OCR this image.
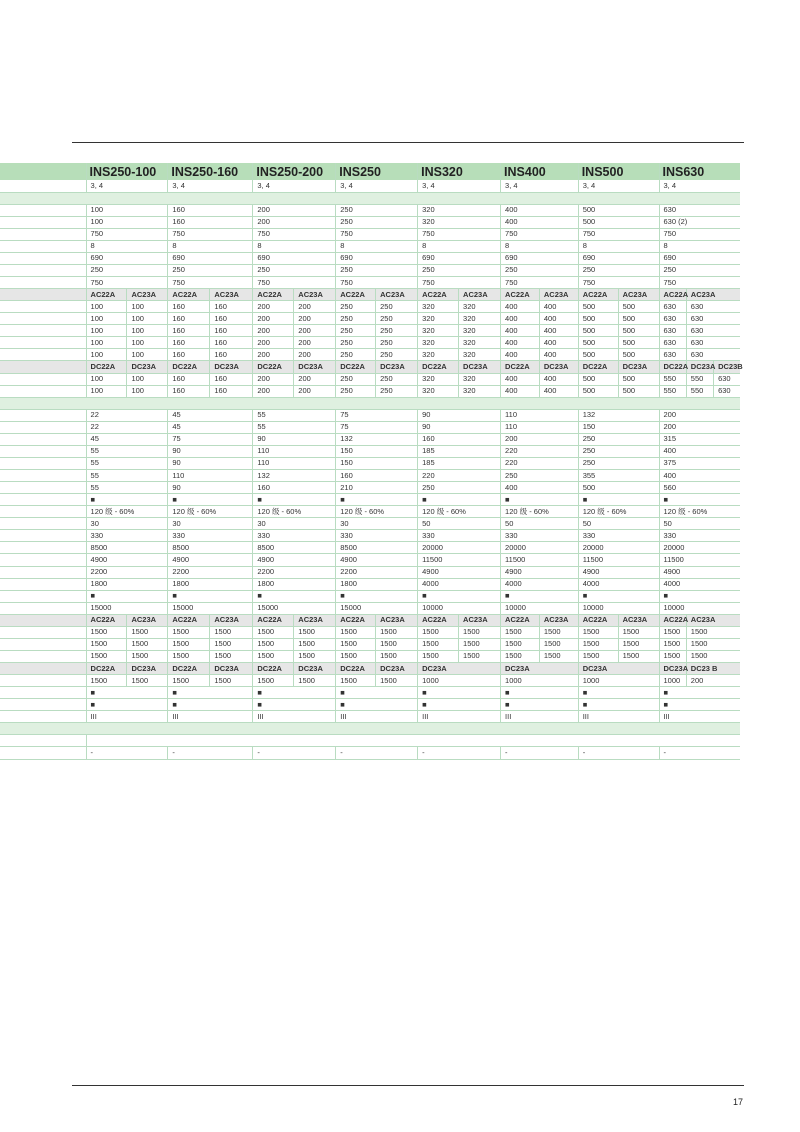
	INS250-100		INS250-160		INS250-200		INS250		INS320		INS400		INS500		INS630		
	3, 4		3, 4		3, 4		3, 4		3, 4		3, 4		3, 4		3, 4		

	100		160		200		250		320		400		500		630		
	100		160		200		250		320		400		500		630 (2)		
	750		750		750		750		750		750		750		750		
	8		8		8		8		8		8		8		8		
	690		690		690		690		690		690		690		690		
	250		250		250		250		250		250		250		250		
	750		750		750		750		750		750		750		750		
	AC22A	AC23A	AC22A	AC23A	AC22A	AC23A	AC22A	AC23A	AC22A	AC23A	AC22A	AC23A	AC22A	AC23A	AC22A	AC23A	
	100	100	160	160	200	200	250	250	320	320	400	400	500	500	630	630	
	100	100	160	160	200	200	250	250	320	320	400	400	500	500	630	630	
	100	100	160	160	200	200	250	250	320	320	400	400	500	500	630	630	
	100	100	160	160	200	200	250	250	320	320	400	400	500	500	630	630	
	100	100	160	160	200	200	250	250	320	320	400	400	500	500	630	630	
	DC22A	DC23A	DC22A	DC23A	DC22A	DC23A	DC22A	DC23A	DC22A	DC23A	DC22A	DC23A	DC22A	DC23A	DC22A	DC23A	DC23B
	100	100	160	160	200	200	250	250	320	320	400	400	500	500	550	550	630
	100	100	160	160	200	200	250	250	320	320	400	400	500	500	550	550	630

	22		45		55		75		90		110		132		200		
	22		45		55		75		90		110		150		200		
	45		75		90		132		160		200		250		315		
	55		90		110		150		185		220		250		400		
	55		90		110		150		185		220		250		375		
	55		110		132		160		220		250		355		400		
	55		90		160		210		250		400		500		560		
	■		■		■		■		■		■		■		■		
	120 级 - 60%		120 级 - 60%		120 级 - 60%		120 级 - 60%		120 级 - 60%		120 级 - 60%		120 级 - 60%		120 级 - 60%		
	30		30		30		30		50		50		50		50		
	330		330		330		330		330		330		330		330		
	8500		8500		8500		8500		20000		20000		20000		20000		
	4900		4900		4900		4900		11500		11500		11500		11500		
	2200		2200		2200		2200		4900		4900		4900		4900		
	1800		1800		1800		1800		4000		4000		4000		4000		
	■		■		■		■		■		■		■		■		
	15000		15000		15000		15000		10000		10000		10000		10000		
	AC22A	AC23A	AC22A	AC23A	AC22A	AC23A	AC22A	AC23A	AC22A	AC23A	AC22A	AC23A	AC22A	AC23A	AC22A	AC23A	
	1500	1500	1500	1500	1500	1500	1500	1500	1500	1500	1500	1500	1500	1500	1500	1500	
	1500	1500	1500	1500	1500	1500	1500	1500	1500	1500	1500	1500	1500	1500	1500	1500	
	1500	1500	1500	1500	1500	1500	1500	1500	1500	1500	1500	1500	1500	1500	1500	1500	
	DC22A	DC23A	DC22A	DC23A	DC22A	DC23A	DC22A	DC23A	DC23A		DC23A		DC23A		DC23A	DC23 B	
	1500	1500	1500	1500	1500	1500	1500	1500	1000		1000		1000		1000	200	
	■		■		■		■		■		■		■		■		
	■		■		■		■		■		■		■		■		
	III		III		III		III		III		III		III		III		

	-		-		-		-		-		-		-		-		
17
